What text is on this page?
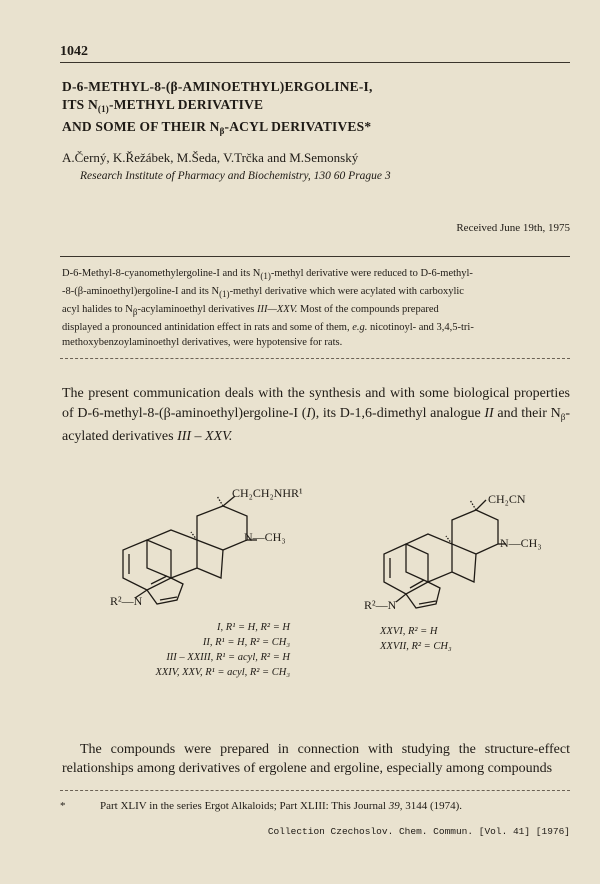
1042
D-6-METHYL-8-(β-AMINOETHYL)ERGOLINE-I,
ITS $N_{(1)}$-METHYL DERIVATIVE
AND SOME OF THEIR $N_\beta$-ACYL DERIVATIVES*
A.Černý, K.Řežábek, M.Šeda, V.Trčka and M.Semonský
Research Institute of Pharmacy and Biochemistry, 130 60 Prague 3
Received June 19th, 1975

D-6-Methyl-8-cyanomethylergoline-I and its N(1)-methyl derivative were reduced to D-6-methyl-

-8-(β-aminoethyl)ergoline-I and its N(1)-methyl derivative which were acylated with carboxylic

acyl halides to Nβ-acylaminoethyl derivatives III—XXV. Most of the compounds prepared

displayed a pronounced antinidation effect in rats and some of them, e.g. nicotinoyl- and 3,4,5-tri-

methoxybenzoylaminoethyl derivatives, were hypotensive for rats.

The present communication deals with the synthesis and with some biological properties of D-6-methyl-8-(β-aminoethyl)ergoline-I (I), its D-1,6-dimethyl analogue II and their $N_\beta$-acylated derivatives III – XXV.

CH₂CH₂NHR¹
N—CH₃
R²—N
I, R¹ = H, R² = H
II, R¹ = H, R² = CH₃
III – XXIII, R¹ = acyl, R² = H
XXIV, XXV, R¹ = acyl, R² = CH₃
CH₂CN
N—CH₃
R²—N
XXVI, R² = H
XXVII, R² = CH₃

The compounds were prepared in connection with studying the structure-effect relationships among derivatives of ergolene and ergoline, especially among compounds

*	Part XLIV in the series Ergot Alkaloids; Part XLIII: This Journal 39, 3144 (1974).
Collection Czechoslov. Chem. Commun. [Vol. 41] [1976]
